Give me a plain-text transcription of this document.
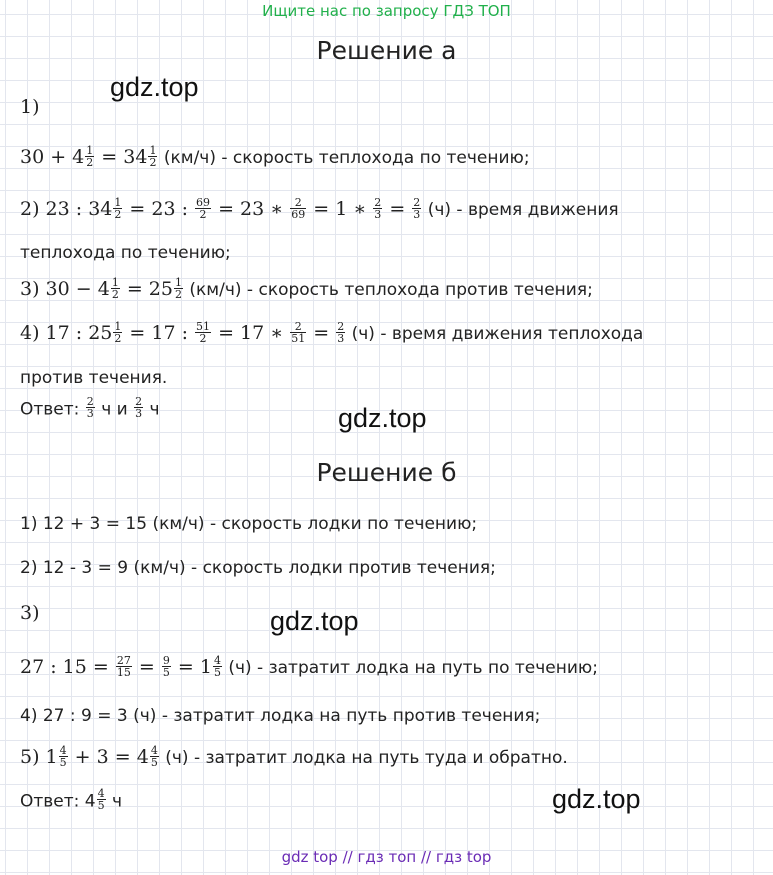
Ищите нас по запросу ГДЗ ТОП
Решение а
gdz.top
1)
$30 + 4 \frac{1}{2} = 34 \frac{1}{2} (км/ч)$ - скорость теплохода по течению;
2) 23 : $34 \frac{1}{2} = 23$ : $\frac{69}{2} = 23$ ∗ $\frac{2}{69} = 1$ ∗ $\frac{2}{3} = \frac{2}{3} (ч)$ - время движения
теплохода по течению;
3) $30 - 4 \frac{1}{2} = 25 \frac{1}{2} (км/ч)$ - скорость теплохода против течения;
4) 17 : $25 \frac{1}{2} = 17$ : $\frac{51}{2} = 17$ ∗ $\frac{2}{51} = \frac{2}{3} (ч)$ - время движения теплохода
против течения.
Ответ: $\frac{2}{3}$ ч и $\frac{2}{3}$ ч	gdz.top
Решение б
1) 12 + 3 = 15 (км/ч) - скорость лодки по течению;
2) 12 - 3 = 9 (км/ч) - скорость лодки против течения;
3)	gdz.top
27 : $15 = \frac{27}{15} = \frac{9}{5} = 1 \frac{4}{5} (ч)$ - затратит лодка на путь по течению;
4) 27 : 9 = 3 (ч) - затратит лодка на путь против течения;
5) $1 \frac{4}{5} + 3 = 4 \frac{4}{5} (ч)$ - затратит лодка на путь туда и обратно.
Ответ: $4 \frac{4}{5}$ ч	gdz.top
gdz top // гдз топ // гдз top
